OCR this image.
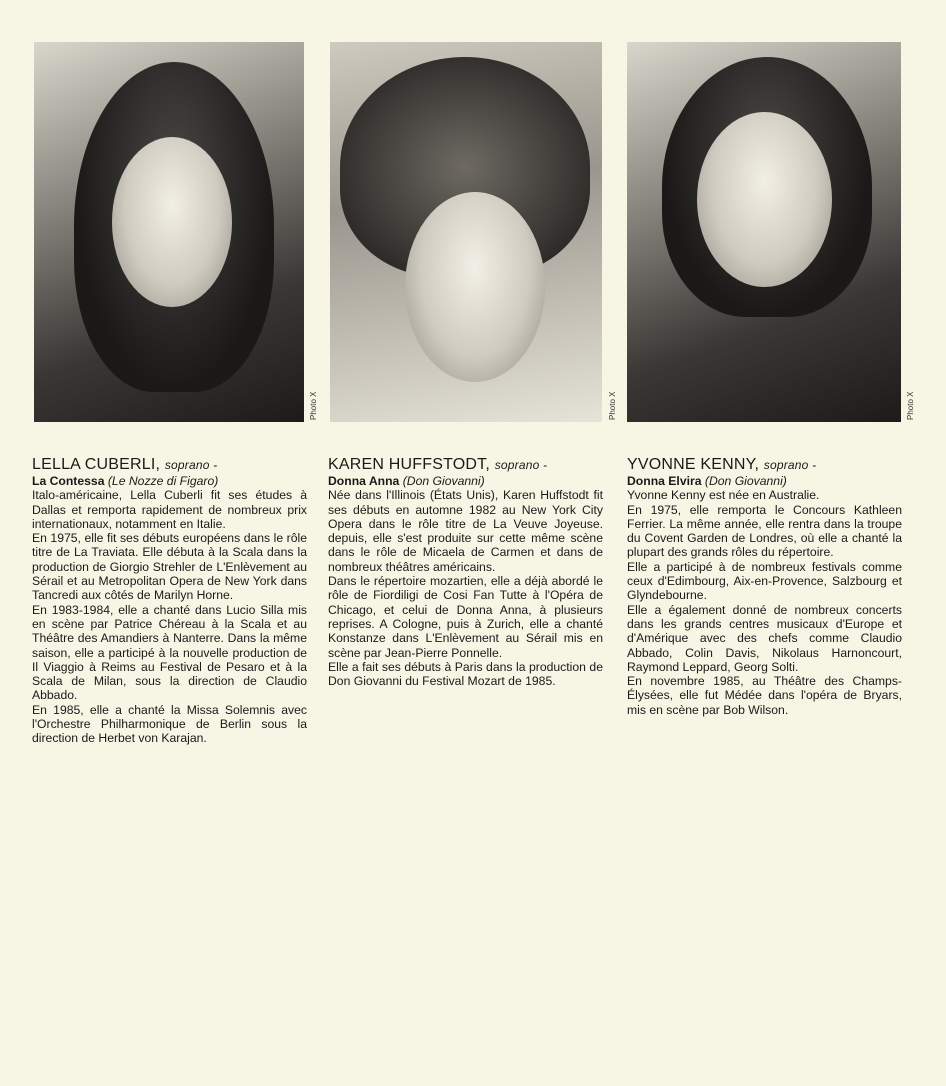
Photo X
LELLA CUBERLI, soprano -
La Contessa (Le Nozze di Figaro)

Italo-américaine, Lella Cuberli fit ses études à Dallas et remporta rapidement de nombreux prix internationaux, notamment en Italie.

En 1975, elle fit ses débuts européens dans le rôle titre de La Traviata. Elle débuta à la Scala dans la production de Giorgio Strehler de L'Enlèvement au Sérail et au Metropolitan Opera de New York dans Tancredi aux côtés de Marilyn Horne.

En 1983-1984, elle a chanté dans Lucio Silla mis en scène par Patrice Chéreau à la Scala et au Théâtre des Amandiers à Nanterre. Dans la même saison, elle a participé à la nouvelle production de Il Viaggio à Reims au Festival de Pesaro et à la Scala de Milan, sous la direction de Claudio Abbado.

En 1985, elle a chanté la Missa Solemnis avec l'Orchestre Philharmonique de Berlin sous la direction de Herbet von Karajan.

Photo X
KAREN HUFFSTODT, soprano -
Donna Anna (Don Giovanni)

Née dans l'Illinois (États Unis), Karen Huffstodt fit ses débuts en automne 1982 au New York City Opera dans le rôle titre de La Veuve Joyeuse. depuis, elle s'est produite sur cette même scène dans le rôle de Micaela de Carmen et dans de nombreux théâtres américains.

Dans le répertoire mozartien, elle a déjà abordé le rôle de Fiordiligi de Cosi Fan Tutte à l'Opéra de Chicago, et celui de Donna Anna, à plusieurs reprises. A Cologne, puis à Zurich, elle a chanté Konstanze dans L'Enlèvement au Sérail mis en scène par Jean-Pierre Ponnelle.

Elle a fait ses débuts à Paris dans la production de Don Giovanni du Festival Mozart de 1985.

Photo X
YVONNE KENNY, soprano -
Donna Elvira (Don Giovanni)

Yvonne Kenny est née en Australie.

En 1975, elle remporta le Concours Kathleen Ferrier. La même année, elle rentra dans la troupe du Covent Garden de Londres, où elle a chanté la plupart des grands rôles du répertoire.

Elle a participé à de nombreux festivals comme ceux d'Edimbourg, Aix-en-Provence, Salzbourg et Glyndebourne.

Elle a également donné de nombreux concerts dans les grands centres musicaux d'Europe et d'Amérique avec des chefs comme Claudio Abbado, Colin Davis, Nikolaus Harnoncourt, Raymond Leppard, Georg Solti.

En novembre 1985, au Théâtre des Champs-Élysées, elle fut Médée dans l'opéra de Bryars, mis en scène par Bob Wilson.
